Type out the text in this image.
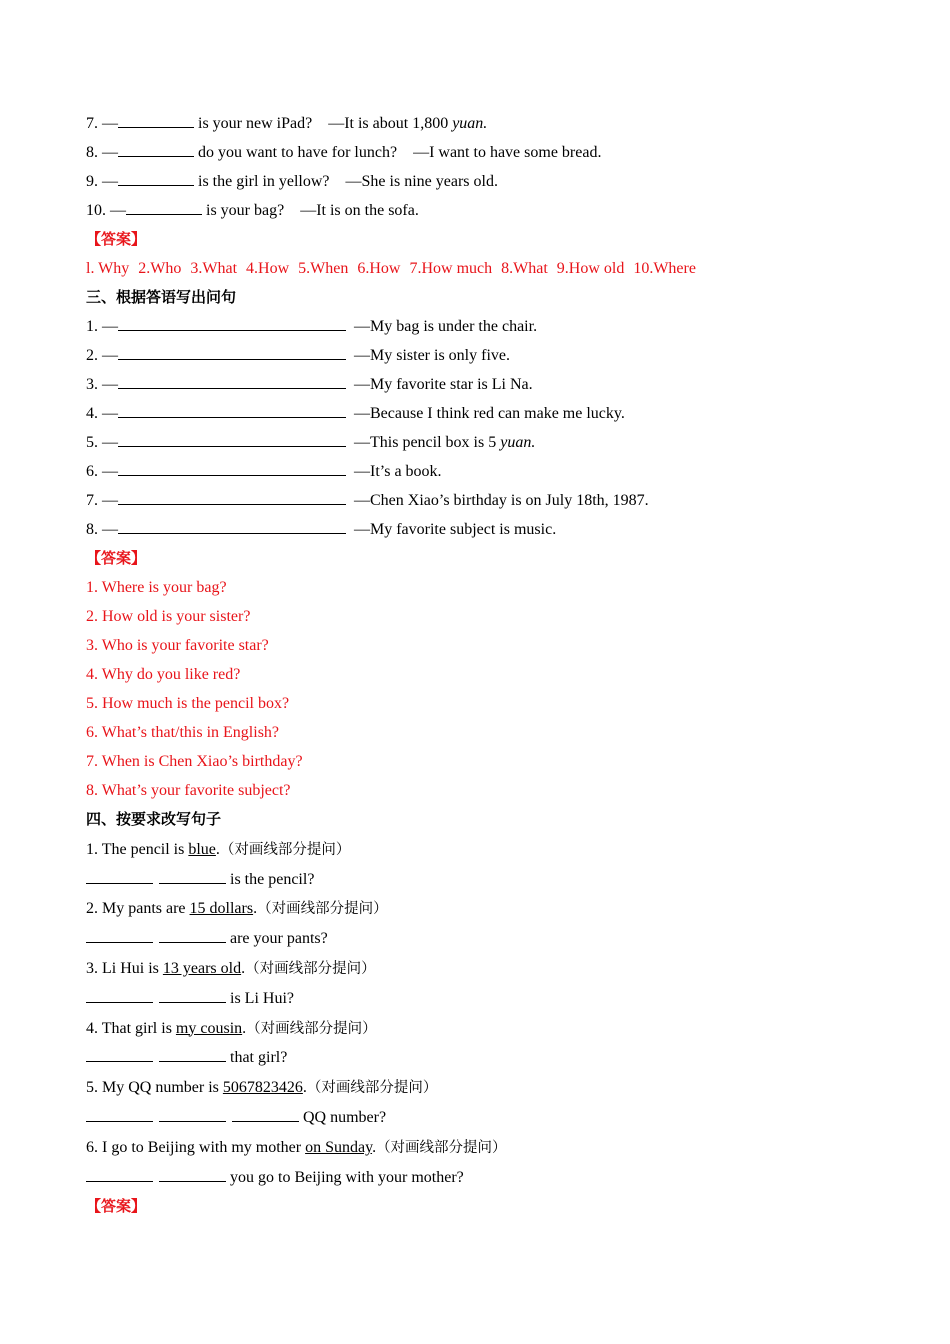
7. —	is your new iPad? —It is about 1,800 yuan.
8. —	do you want to have for lunch? —I want to have some bread.
9. —	is the girl in yellow? —She is nine years old.
10. —	is your bag? —It is on the sofa.
【答案】
l. Why 2.Who 3.What 4.How 5.When 6.How 7.How much 8.What 9.How old 10.Where
三、根据答语写出问句
1. —	—My bag is under the chair.
2. —	—My sister is only five.
3. —	—My favorite star is Li Na.
4. —	—Because I think red can make me lucky.
5. —	—This pencil box is 5 yuan.
6. —	—It’s a book.
7. —	—Chen Xiao’s birthday is on July 18th, 1987.
8. —	—My favorite subject is music.
【答案】
1. Where is your bag?
2. How old is your sister?
3. Who is your favorite star?
4. Why do you like red?
5. How much is the pencil box?
6. What’s that/this in English?
7. When is Chen Xiao’s birthday?
8. What’s your favorite subject?
四、按要求改写句子
1. The pencil is blue.（对画线部分提问）
is the pencil?
2. My pants are 15 dollars.（对画线部分提问）
are your pants?
3. Li Hui is 13 years old.（对画线部分提问）
is Li Hui?
4. That girl is my cousin.（对画线部分提问）
that girl?
5. My QQ number is 5067823426.（对画线部分提问）
QQ number?
6. I go to Beijing with my mother on Sunday.（对画线部分提问）
you go to Beijing with your mother?
【答案】
